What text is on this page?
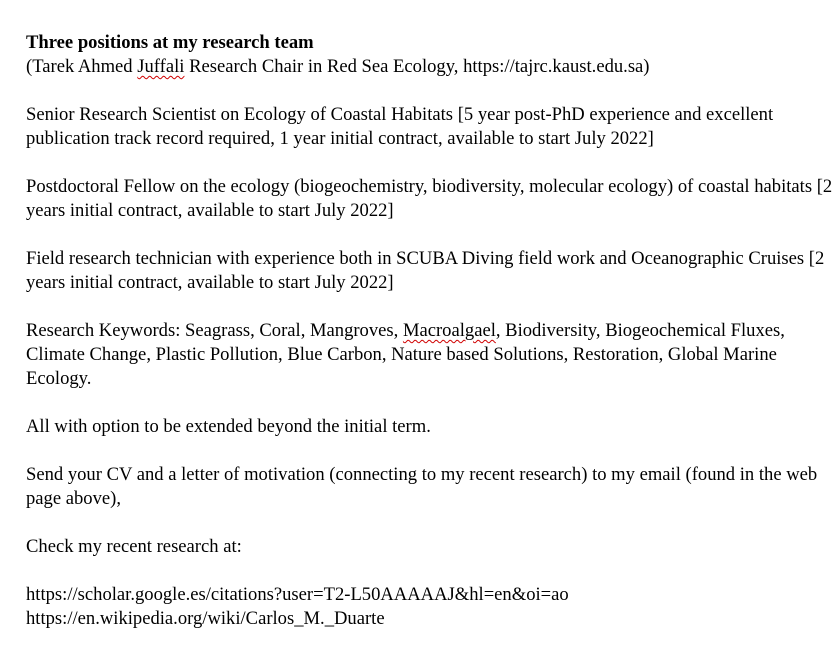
Three positions at my research team
(Tarek Ahmed Juffali Research Chair in Red Sea Ecology, https://tajrc.kaust.edu.sa)

Senior Research Scientist on Ecology of Coastal Habitats [5 year post-PhD experience and excellent publication track record required, 1 year initial contract, available to start July 2022]

Postdoctoral Fellow on the ecology (biogeochemistry, biodiversity, molecular ecology) of coastal habitats [2 years initial contract, available to start July 2022]

Field research technician with experience both in SCUBA Diving field work and Oceanographic Cruises [2 years initial contract, available to start July 2022]

Research Keywords: Seagrass, Coral, Mangroves, Macroalgael, Biodiversity, Biogeochemical Fluxes, Climate Change, Plastic Pollution, Blue Carbon, Nature based Solutions, Restoration, Global Marine Ecology.

All with option to be extended beyond the initial term.

Send your CV and a letter of motivation (connecting to my recent research) to my email (found in the web page above),

Check my recent research at:

https://scholar.google.es/citations?user=T2-L50AAAAAJ&hl=en&oi=ao
https://en.wikipedia.org/wiki/Carlos_M._Duarte
